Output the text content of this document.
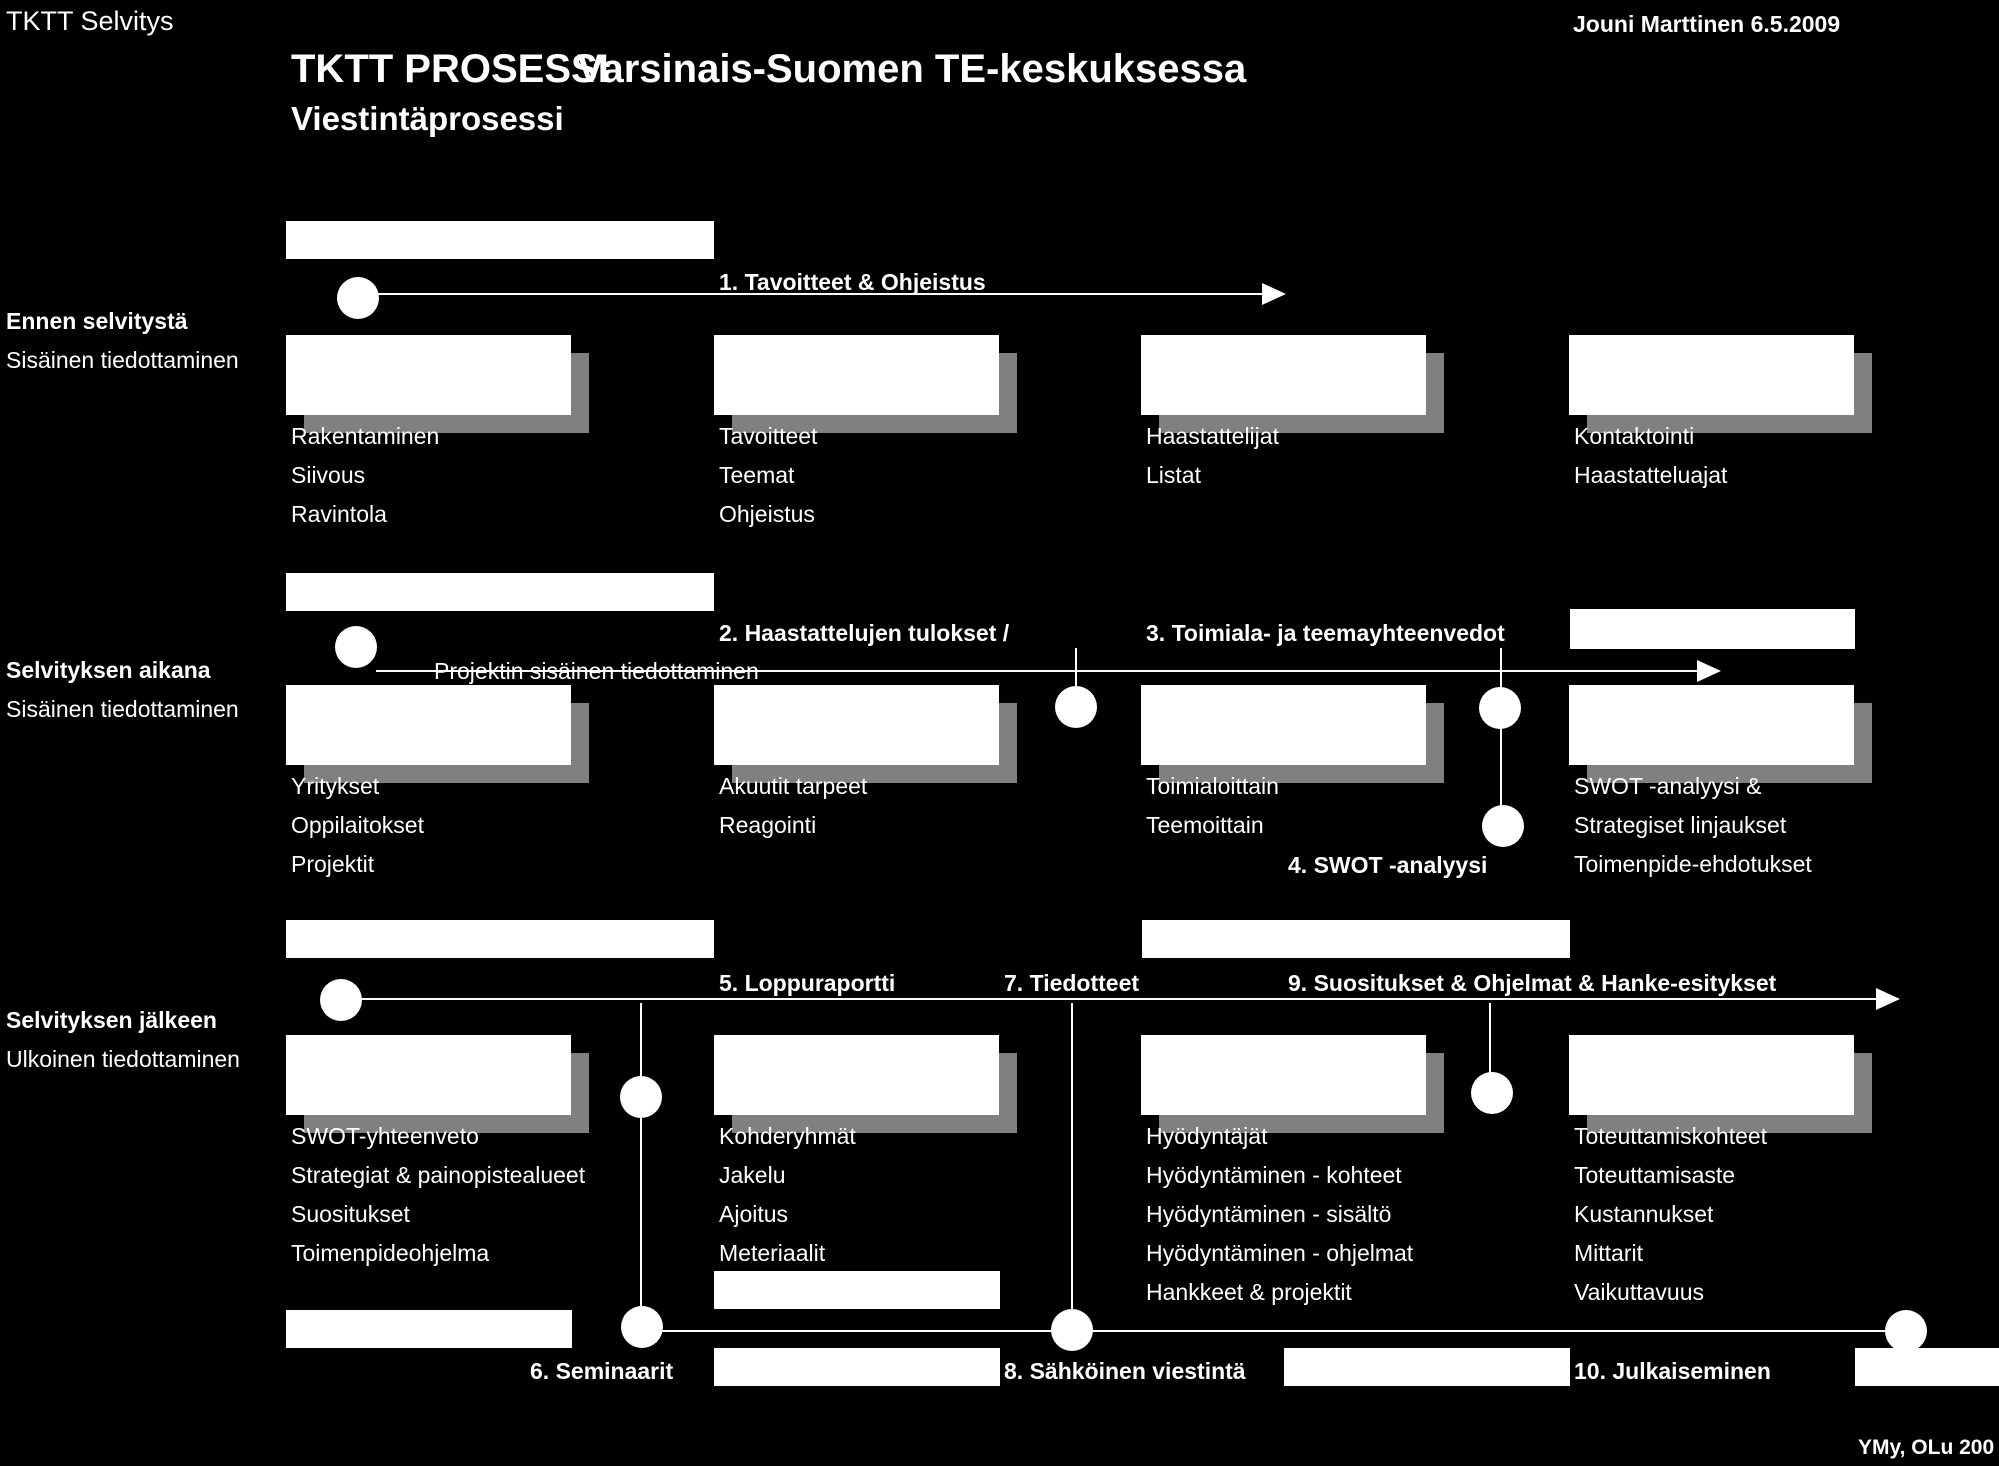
TKTT Selvitys	Jouni Marttinen 6.5.2009
TKTT PROSESSI
Varsinais-Suomen TE-keskuksessa
Viestintäprosessi
Ennen selvitystä
Sisäinen tiedottaminen
Selvityksen aikana
Sisäinen tiedottaminen
Selvityksen jälkeen
Ulkoinen tiedottaminen
1. Tavoitteet & Ohjeistus
2. Haastattelujen tulokset /
Projektin sisäinen tiedottaminen
3. Toimiala- ja teemayhteenvedot
4. SWOT -analyysi
5. Loppuraportti
6. Seminaarit
7. Tiedotteet
8. Sähköinen viestintä
9. Suositukset & Ohjelmat & Hanke-esitykset
10. Julkaiseminen
Rakentaminen
Siivous
Ravintola
Tavoitteet
Teemat
Ohjeistus
Haastattelijat
Listat
Kontaktointi
Haastatteluajat
Yritykset
Oppilaitokset
Projektit
Akuutit tarpeet
Reagointi
Toimialoittain
Teemoittain
SWOT -analyysi &
Strategiset linjaukset
Toimenpide-ehdotukset
SWOT-yhteenveto
Strategiat & painopistealueet
Suositukset
Toimenpideohjelma
Kohderyhmät
Jakelu
Ajoitus
Meteriaalit
Hyödyntäjät
Hyödyntäminen - kohteet
Hyödyntäminen - sisältö
Hyödyntäminen - ohjelmat
Hankkeet & projektit
Toteuttamiskohteet
Toteuttamisaste
Kustannukset
Mittarit
Vaikuttavuus
YMy, OLu 200
